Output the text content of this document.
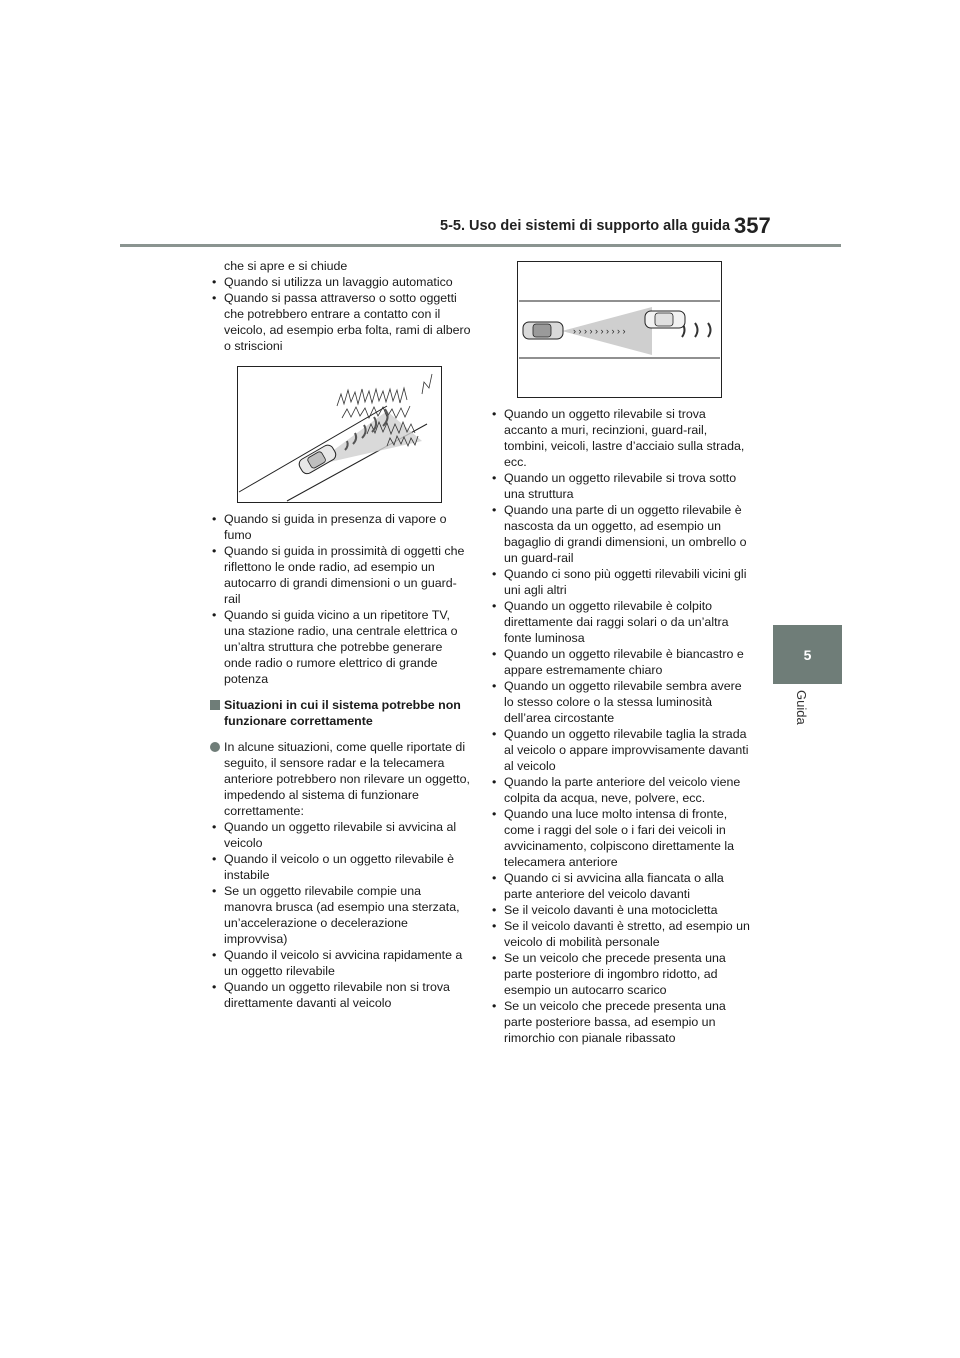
5-5. Uso dei sistemi di supporto alla guida 357
5
Guida
che si apre e si chiude
• Quando si utilizza un lavaggio automatico
• Quando si passa attraverso o sotto oggetti che potrebbero entrare a contatto con il veicolo, ad esempio erba folta, rami di albero o striscioni
• Quando si guida in presenza di vapore o fumo
• Quando si guida in prossimità di oggetti che riflettono le onde radio, ad esempio un autocarro di grandi dimensioni o un guard-rail
• Quando si guida vicino a un ripetitore TV, una stazione radio, una centrale elettrica o un’altra struttura che potrebbe generare onde radio o rumore elettrico di grande potenza
Situazioni in cui il sistema potrebbe non funzionare correttamente
In alcune situazioni, come quelle riportate di seguito, il sensore radar e la telecamera anteriore potrebbero non rilevare un oggetto, impedendo al sistema di funzionare correttamente:
• Quando un oggetto rilevabile si avvicina al veicolo
• Quando il veicolo o un oggetto rilevabile è instabile
• Se un oggetto rilevabile compie una manovra brusca (ad esempio una sterzata, un’accelerazione o decelerazione improvvisa)
• Quando il veicolo si avvicina rapidamente a un oggetto rilevabile
• Quando un oggetto rilevabile non si trova direttamente davanti al veicolo
› › › › › › › › › ›
• Quando un oggetto rilevabile si trova accanto a muri, recinzioni, guard-rail, tombini, veicoli, lastre d’acciaio sulla strada, ecc.
• Quando un oggetto rilevabile si trova sotto una struttura
• Quando una parte di un oggetto rilevabile è nascosta da un oggetto, ad esempio un bagaglio di grandi dimensioni, un ombrello o un guard-rail
• Quando ci sono più oggetti rilevabili vicini gli uni agli altri
• Quando un oggetto rilevabile è colpito direttamente dai raggi solari o da un’altra fonte luminosa
• Quando un oggetto rilevabile è biancastro e appare estremamente chiaro
• Quando un oggetto rilevabile sembra avere lo stesso colore o la stessa luminosità dell’area circostante
• Quando un oggetto rilevabile taglia la strada al veicolo o appare improvvisamente davanti al veicolo
• Quando la parte anteriore del veicolo viene colpita da acqua, neve, polvere, ecc.
• Quando una luce molto intensa di fronte, come i raggi del sole o i fari dei veicoli in avvicinamento, colpiscono direttamente la telecamera anteriore
• Quando ci si avvicina alla fiancata o alla parte anteriore del veicolo davanti
• Se il veicolo davanti è una motocicletta
• Se il veicolo davanti è stretto, ad esempio un veicolo di mobilità personale
• Se un veicolo che precede presenta una parte posteriore di ingombro ridotto, ad esempio un autocarro scarico
• Se un veicolo che precede presenta una parte posteriore bassa, ad esempio un rimorchio con pianale ribassato
